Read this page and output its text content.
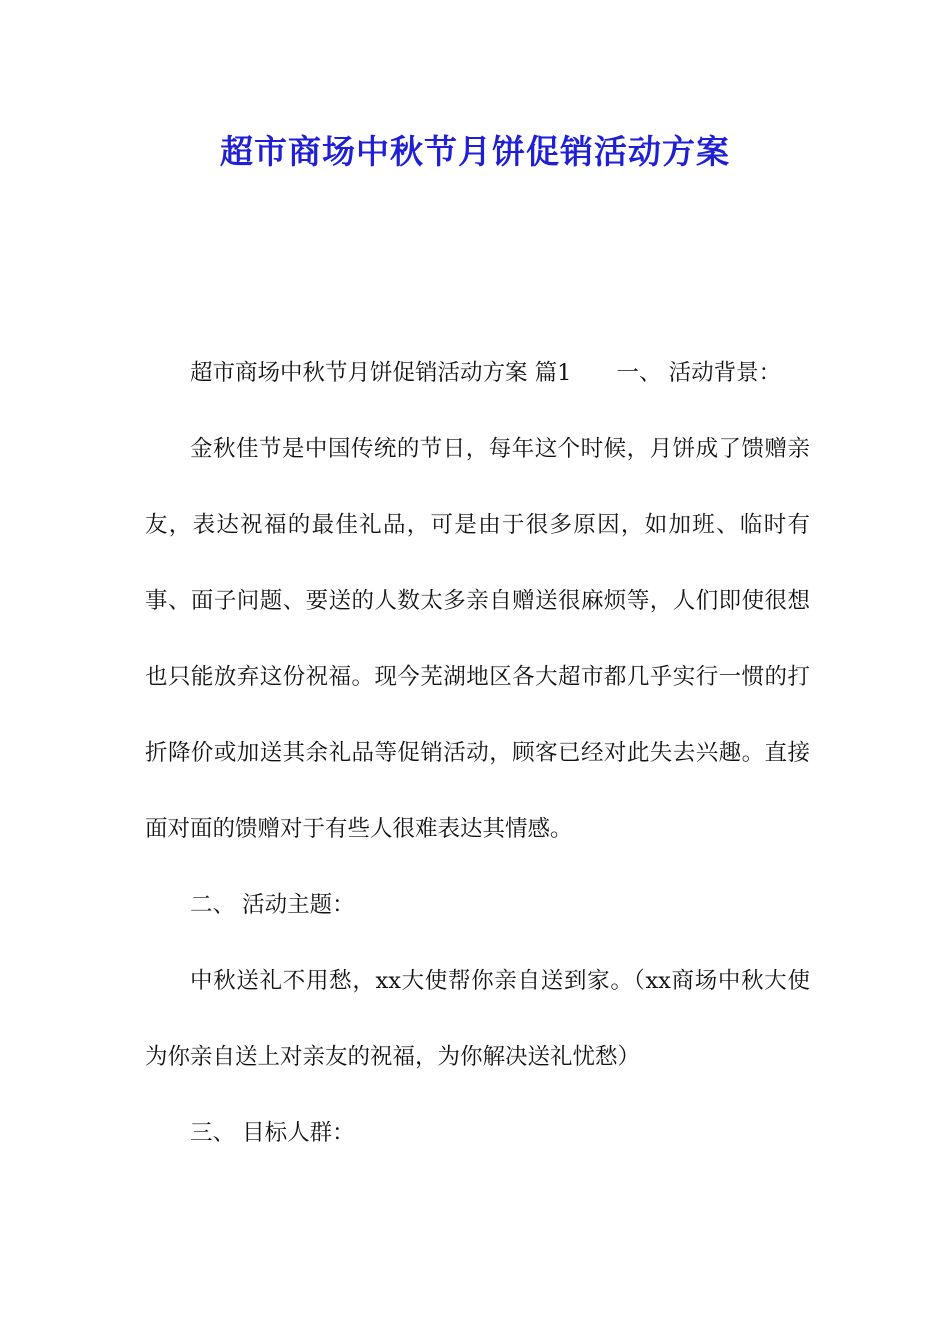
超市商场中秋节月饼促销活动方案

超市商场中秋节月饼促销活动方案 篇1　　一、 活动背景：

金秋佳节是中国传统的节日，每年这个时候，月饼成了馈赠亲友，表达祝福的最佳礼品，可是由于很多原因，如加班、临时有事、面子问题、要送的人数太多亲自赠送很麻烦等，人们即使很想也只能放弃这份祝福。现今芜湖地区各大超市都几乎实行一惯的打折降价或加送其余礼品等促销活动，顾客已经对此失去兴趣。直接面对面的馈赠对于有些人很难表达其情感。

二、 活动主题：

中秋送礼不用愁，xx大使帮你亲自送到家。（xx商场中秋大使为你亲自送上对亲友的祝福，为你解决送礼忧愁）

三、 目标人群：
